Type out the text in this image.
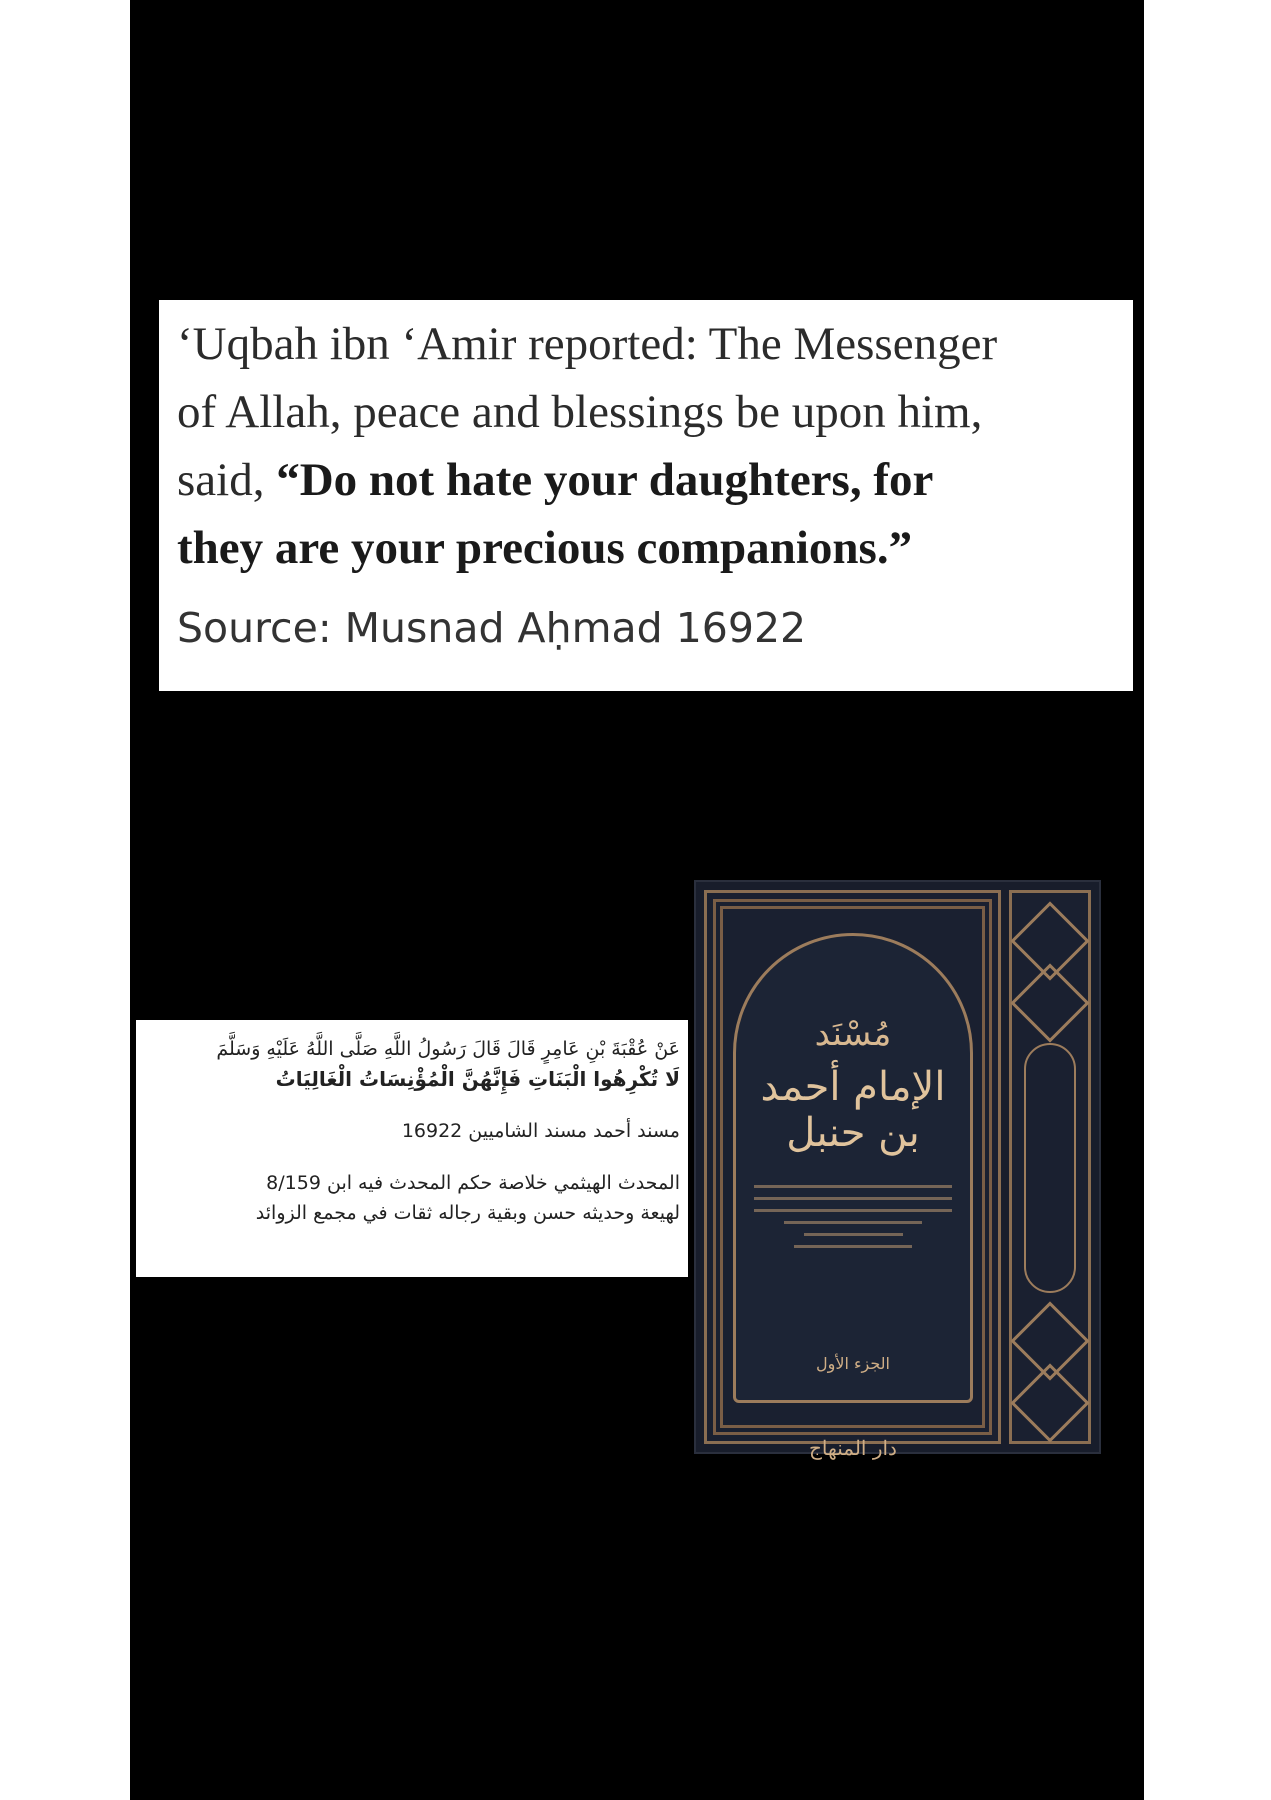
‘Uqbah ibn ‘Amir reported: The Messenger

of Allah, peace and blessings be upon him,

said, “Do not hate your daughters, for

they are your precious companions.”

Source: Musnad Aḥmad 16922
عَنْ عُقْبَةَ بْنِ عَامِرٍ قَالَ قَالَ رَسُولُ اللَّهِ صَلَّى اللَّهُ عَلَيْهِ وَسَلَّمَ
لَا تُكْرِهُوا الْبَنَاتِ فَإِنَّهُنَّ الْمُؤْنِسَاتُ الْغَالِيَاتُ
مسند أحمد مسند الشاميين 16922
المحدث الهيثمي خلاصة حكم المحدث فيه ابن 8/159
لهيعة وحديثه حسن وبقية رجاله ثقات في مجمع الزوائد
مُسْنَد
الإمام أحمد بن حنبل
الجزء الأول
دار المنهاج
